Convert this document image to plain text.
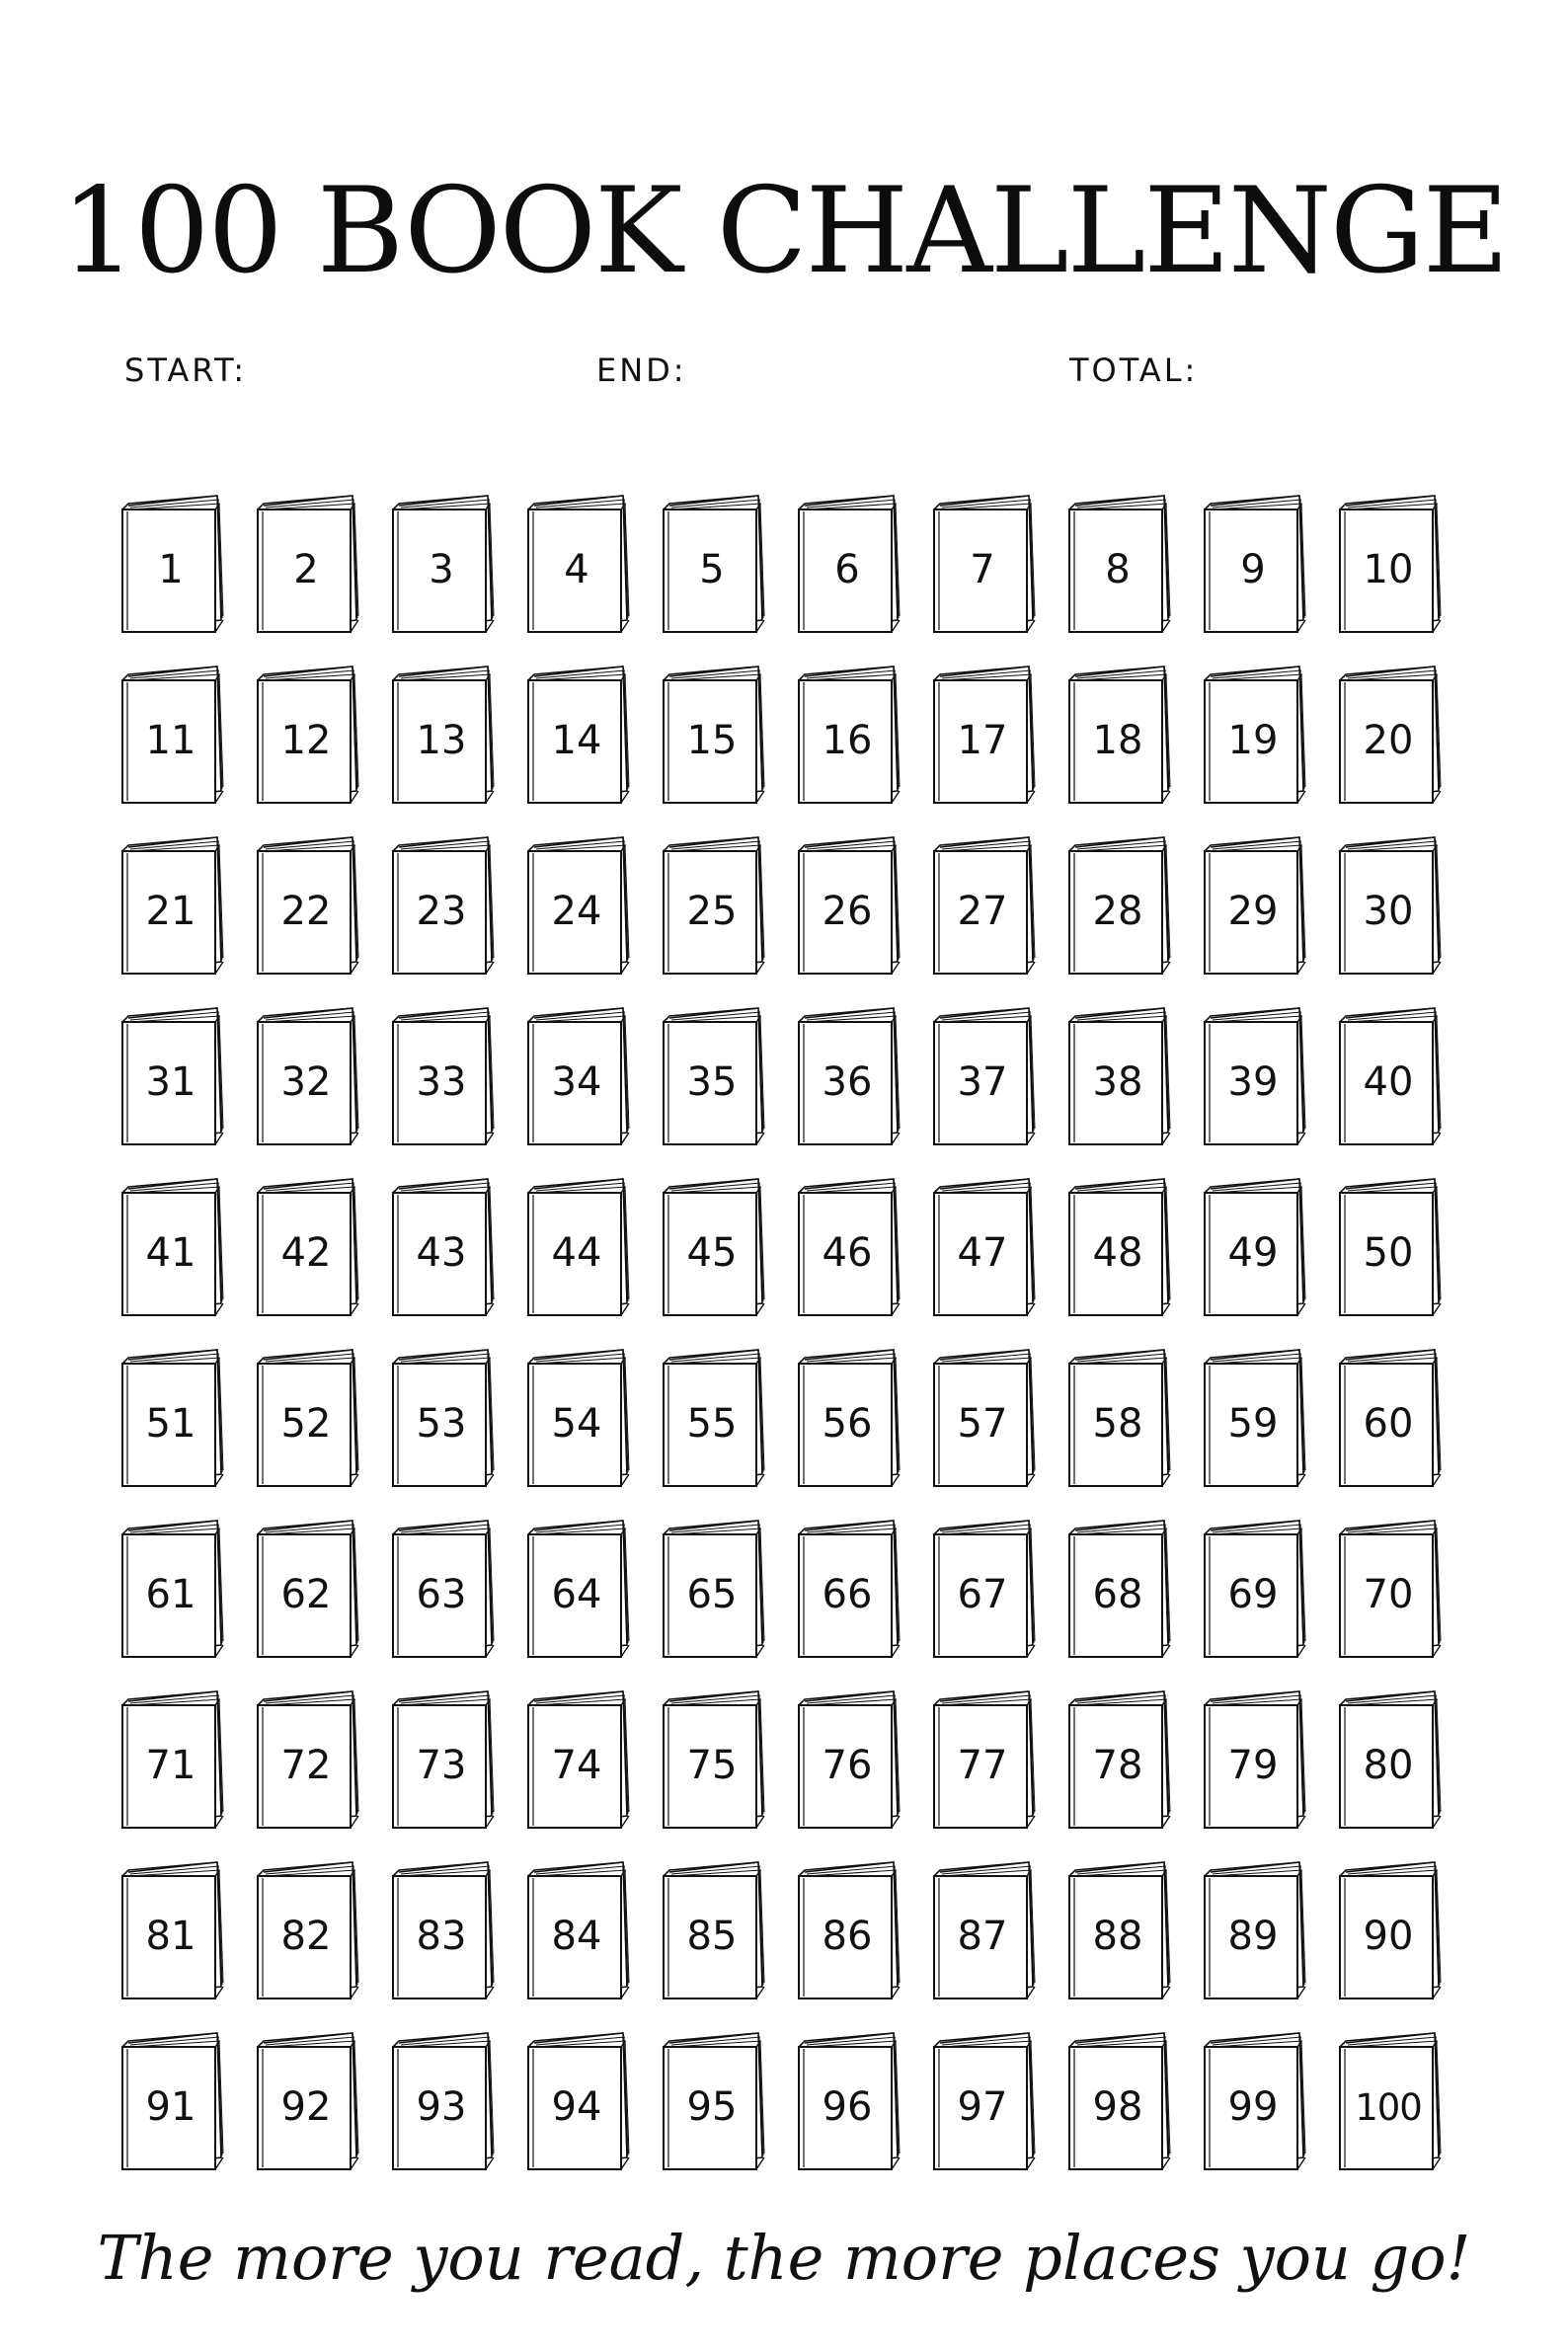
100 BOOK CHALLENGE
START:	END:	TOTAL:
1	2	3	4	5	6	7	8	9	10
11	12	13	14	15	16	17	18	19	20
21	22	23	24	25	26	27	28	29	30
31	32	33	34	35	36	37	38	39	40
41	42	43	44	45	46	47	48	49	50
51	52	53	54	55	56	57	58	59	60
61	62	63	64	65	66	67	68	69	70
71	72	73	74	75	76	77	78	79	80
81	82	83	84	85	86	87	88	89	90
91	92	93	94	95	96	97	98	99	100
The more you read, the more places you go!
